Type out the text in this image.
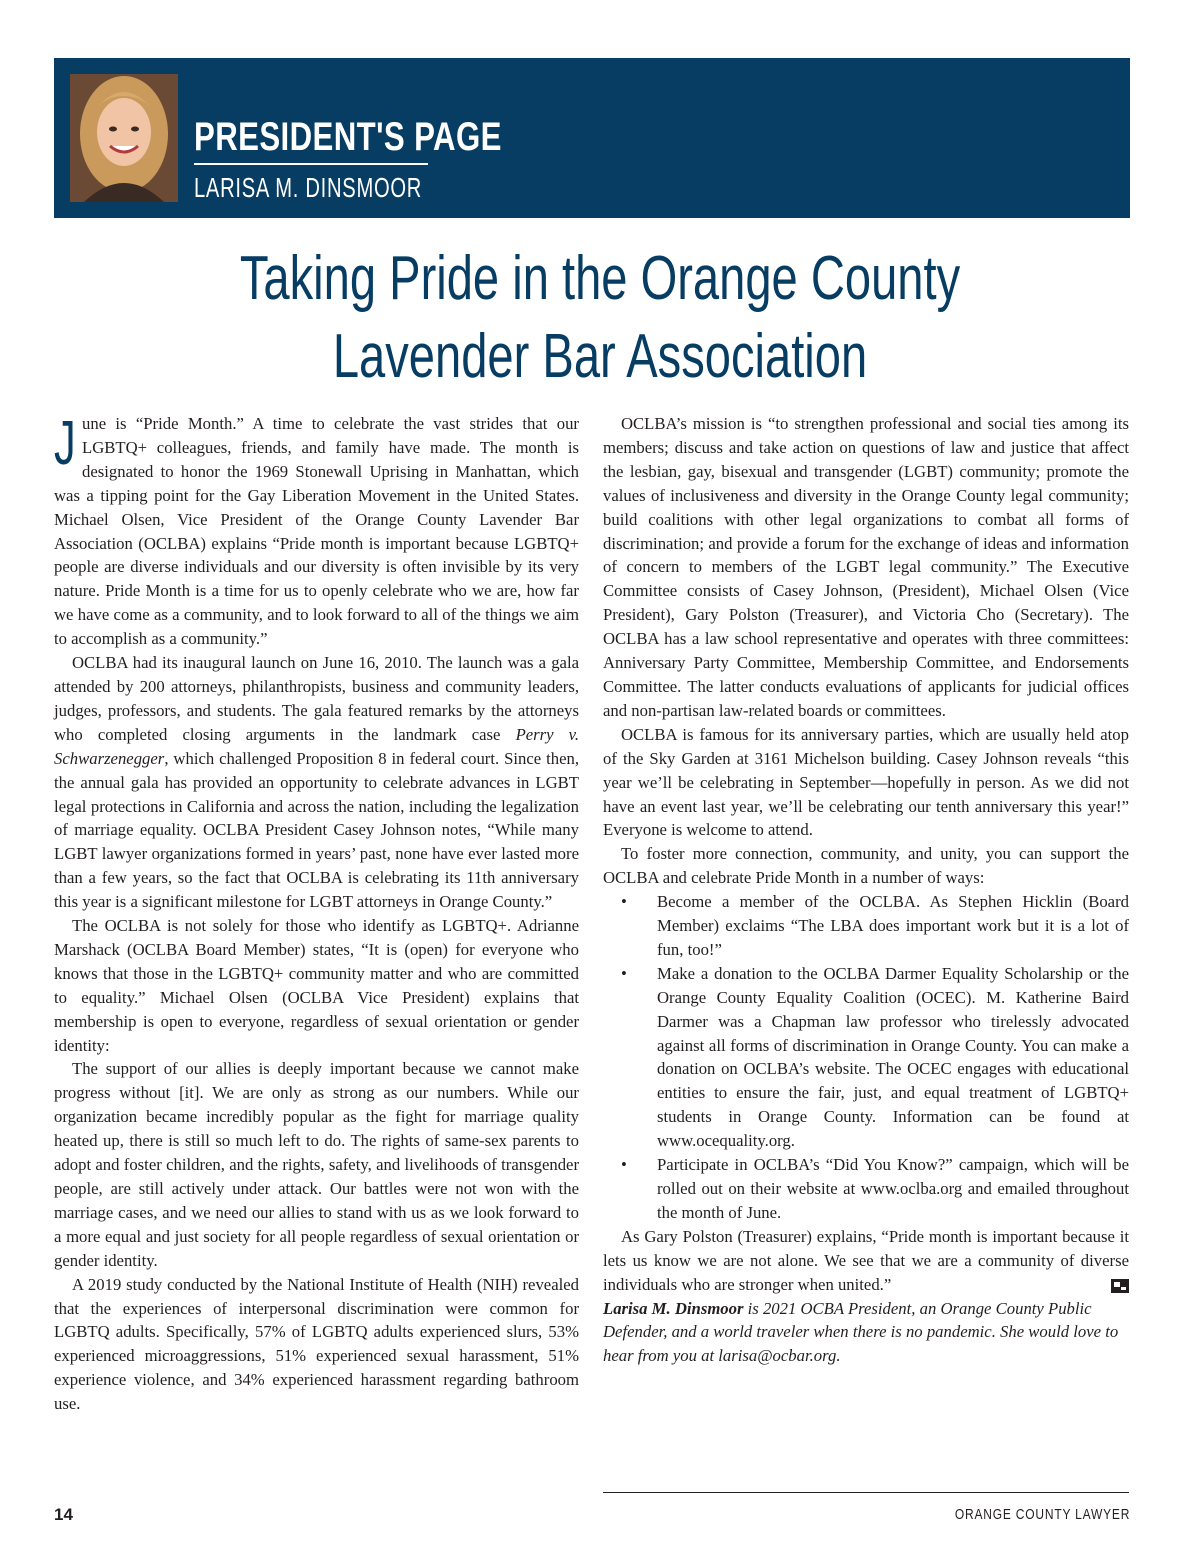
PRESIDENT'S PAGE
LARISA M. DINSMOOR
Taking Pride in the Orange County
Lavender Bar Association

June is “Pride Month.” A time to celebrate the vast strides that our LGBTQ+ colleagues, friends, and family have made. The month is designated to honor the 1969 Stonewall Uprising in Manhattan, which was a tipping point for the Gay Liberation Movement in the United States. Michael Olsen, Vice President of the Orange County Lavender Bar Association (OCLBA) explains “Pride month is important because LGBTQ+ people are diverse individuals and our diversity is often invisible by its very nature. Pride Month is a time for us to openly celebrate who we are, how far we have come as a community, and to look forward to all of the things we aim to accomplish as a community.”

OCLBA had its inaugural launch on June 16, 2010. The launch was a gala attended by 200 attorneys, philanthropists, business and community leaders, judges, professors, and students. The gala featured remarks by the attorneys who completed closing arguments in the landmark case Perry v. Schwarzenegger, which challenged Proposition 8 in federal court. Since then, the annual gala has provided an opportunity to celebrate advances in LGBT legal protections in California and across the nation, including the legalization of marriage equality. OCLBA President Casey Johnson notes, “While many LGBT lawyer organizations formed in years’ past, none have ever lasted more than a few years, so the fact that OCLBA is celebrating its 11th anniversary this year is a significant milestone for LGBT attorneys in Orange County.”

The OCLBA is not solely for those who identify as LGBTQ+. Adrianne Marshack (OCLBA Board Member) states, “It is (open) for everyone who knows that those in the LGBTQ+ community matter and who are committed to equality.” Michael Olsen (OCLBA Vice President) explains that membership is open to everyone, regardless of sexual orientation or gender identity:

The support of our allies is deeply important because we cannot make progress without [it]. We are only as strong as our numbers. While our organization became incredibly popular as the fight for marriage quality heated up, there is still so much left to do. The rights of same-sex parents to adopt and foster children, and the rights, safety, and livelihoods of transgender people, are still actively under attack. Our battles were not won with the marriage cases, and we need our allies to stand with us as we look forward to a more equal and just society for all people regardless of sexual orientation or gender identity.

A 2019 study conducted by the National Institute of Health (NIH) revealed that the experiences of interpersonal discrimination were common for LGBTQ adults. Specifically, 57% of LGBTQ adults experienced slurs, 53% experienced microaggressions, 51% experienced sexual harassment, 51% experience violence, and 34% experienced harassment regarding bathroom use.

OCLBA’s mission is “to strengthen professional and social ties among its members; discuss and take action on questions of law and justice that affect the lesbian, gay, bisexual and transgender (LGBT) community; promote the values of inclusiveness and diversity in the Orange County legal community; build coalitions with other legal organizations to combat all forms of discrimination; and provide a forum for the exchange of ideas and information of concern to members of the LGBT legal community.” The Executive Committee consists of Casey Johnson, (President), Michael Olsen (Vice President), Gary Polston (Treasurer), and Victoria Cho (Secretary). The OCLBA has a law school representative and operates with three committees: Anniversary Party Committee, Membership Committee, and Endorsements Committee. The latter conducts evaluations of applicants for judicial offices and non-partisan law-related boards or committees.

OCLBA is famous for its anniversary parties, which are usually held atop of the Sky Garden at 3161 Michelson building. Casey Johnson reveals “this year we’ll be celebrating in September—hopefully in person. As we did not have an event last year, we’ll be celebrating our tenth anniversary this year!” Everyone is welcome to attend.

To foster more connection, community, and unity, you can support the OCLBA and celebrate Pride Month in a number of ways:

• Become a member of the OCLBA. As Stephen Hicklin (Board Member) exclaims “The LBA does important work but it is a lot of fun, too!”
• Make a donation to the OCLBA Darmer Equality Scholarship or the Orange County Equality Coalition (OCEC). M. Katherine Baird Darmer was a Chapman law professor who tirelessly advocated against all forms of discrimination in Orange County. You can make a donation on OCLBA’s website. The OCEC engages with educational entities to ensure the fair, just, and equal treatment of LGBTQ+ students in Orange County. Information can be found at www.ocequality.org.
• Participate in OCLBA’s “Did You Know?” campaign, which will be rolled out on their website at www.oclba.org and emailed throughout the month of June.

As Gary Polston (Treasurer) explains, “Pride month is important because it lets us know we are not alone. We see that we are a community of diverse individuals who are stronger when united.”

Larisa M. Dinsmoor is 2021 OCBA President, an Orange County Public Defender, and a world traveler when there is no pandemic. She would love to hear from you at larisa@ocbar.org.

14	ORANGE COUNTY LAWYER
